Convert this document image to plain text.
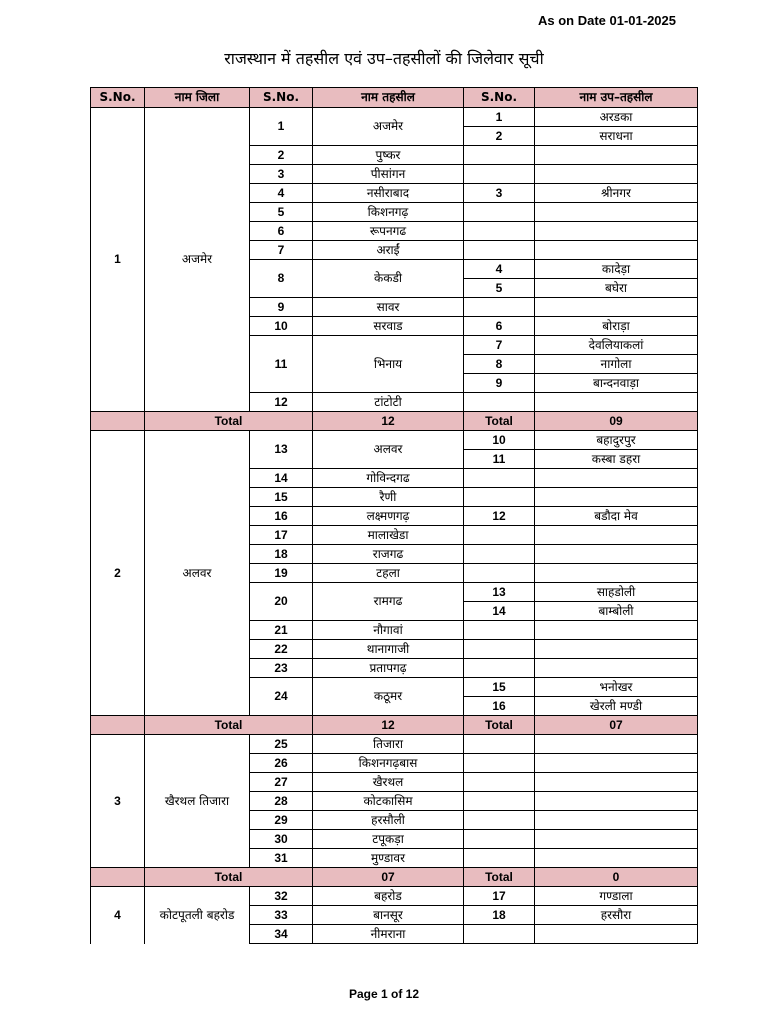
As on Date 01-01-2025
राजस्थान में तहसील एवं उप–तहसीलों की जिलेवार सूची
S.No.	नाम जिला	S.No.	नाम तहसील	S.No.	नाम उप–तहसील
1	अजमेर	1	अजमेर	1	अरडका
				2	सराधना
		2	पुष्कर		
		3	पीसांगन		
		4	नसीराबाद	3	श्रीनगर
		5	किशनगढ़		
		6	रूपनगढ		
		7	अराईं		
		8	केकडी	4	कादेड़ा
				5	बघेरा
		9	सावर		
		10	सरवाड	6	बोराड़ा
		11	भिनाय	7	देवलियाकलां
				8	नागोला
				9	बान्दनवाड़ा
		12	टांटोटी		
	Total		12	Total	09
2	अलवर	13	अलवर	10	बहादुरपुर
				11	कस्बा डहरा
		14	गोविन्दगढ		
		15	रैणी		
		16	लक्ष्मणगढ़	12	बडौदा मेव
		17	मालाखेडा		
		18	राजगढ		
		19	टहला		
		20	रामगढ	13	साहडोली
				14	बाम्बोली
		21	नौगावां		
		22	थानागाजी		
		23	प्रतापगढ़		
		24	कठूमर	15	भनोखर
				16	खेरली मण्डी
	Total		12	Total	07
3	खैरथल तिजारा	25	तिजारा		
		26	किशनगढ़बास		
		27	खैरथल		
		28	कोटकासिम		
		29	हरसौली		
		30	टपूकड़ा		
		31	मुण्डावर		
	Total		07	Total	0
4	कोटपूतली बहरोड	32	बहरोड	17	गण्डाला
		33	बानसूर	18	हरसौरा
		34	नीमराना		
Page 1 of 12
